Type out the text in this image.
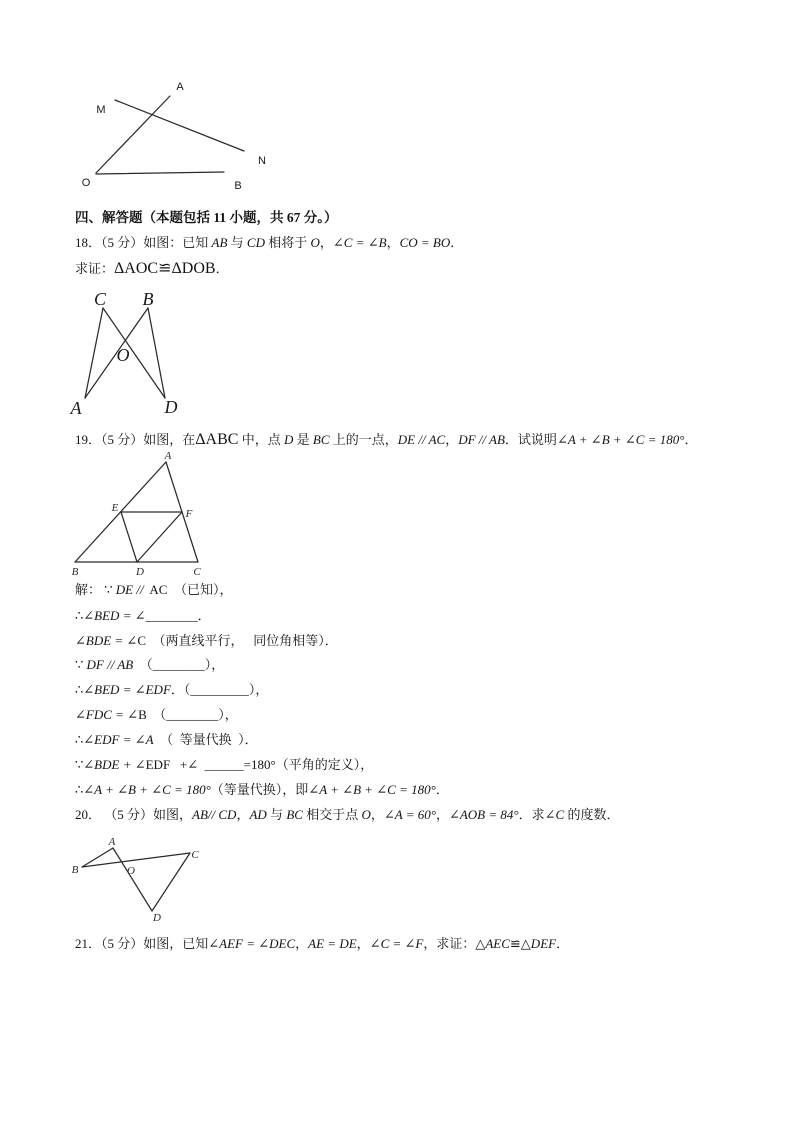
A
M
N
O	B
四、解答题（本题包括 11 小题，共 67 分。）
18．（5 分）如图：已知 AB 与 CD 相将于 O，∠C = ∠B，CO = BO．
求证：ΔAOC≌ΔDOB．
C B
O
A	D
19．（5 分）如图，在ΔABC 中，点 D 是 BC 上的一点，DE // AC，DF // AB．试说明∠A + ∠B + ∠C = 180°．
A
E	F
B	D	C
解： ∵ DE //  AC  （已知），
∴∠BED = ∠________．
∠BDE = ∠C  （两直线平行，   同位角相等）．
∵ DF // AB  （________），
∴∠BED = ∠EDF．（_________），
∠FDC = ∠B  （________），
∴∠EDF = ∠A  （  等量代换  ）．
∵∠BDE + ∠EDF   +∠  ______=180°（平角的定义），
∴∠A + ∠B + ∠C = 180°（等量代换），即∠A + ∠B + ∠C = 180°．
20． （5 分）如图，AB// CD，AD 与 BC 相交于点 O，∠A = 60°，∠AOB = 84°．求∠C 的度数．
A
C
O
B
D
21．（5 分）如图，已知∠AEF = ∠DEC，AE = DE，∠C = ∠F，求证：△AEC≌△DEF．
